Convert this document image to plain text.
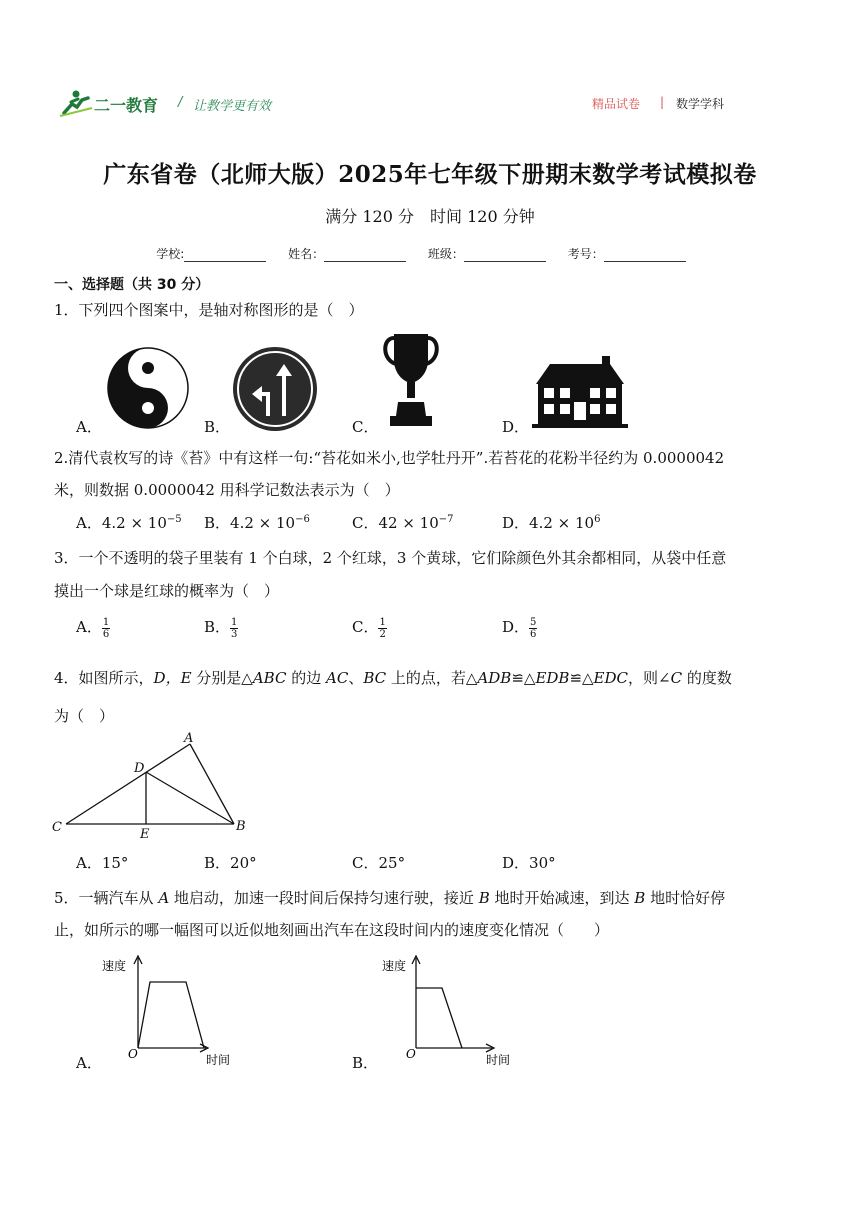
二一教育 / 让教学更有效	精品试卷 | 数学学科
广东省卷（北师大版）2025年七年级下册期末数学考试模拟卷
满分 120 分　时间 120 分钟
学校:	姓名：	班级：	考号：
一、选择题（共 30 分）
1．下列四个图案中，是轴对称图形的是（　）
A．	B．	C．	D．
2.清代袁枚写的诗《苔》中有这样一句:“苔花如米小,也学牡丹开”.若苔花的花粉半径约为 0.0000042
米，则数据 0.0000042 用科学记数法表示为（　）
A．$4.2 \times 10^{-5}$ B．$4.2 \times 10^{-6}$	C．$42 \times 10^{-7}$	D．$4.2 \times 10^6$
3．一个不透明的袋子里装有 1 个白球，2 个红球，3 个黄球，它们除颜色外其余都相同，从袋中任意
摸出一个球是红球的概率为（　）
A． $\frac{1}{6}$	B． $\frac{1}{3}$	C． $\frac{1}{2}$	D． $\frac{5}{6}$
4．如图所示，D，E 分别是△ABC 的边 AC、BC 上的点，若△ADB≌△EDB≌△EDC，则∠C 的度数
为（　）
A
D
C	E
B
A．15°	B．20°	C．25°	D．30°
5．一辆汽车从 A 地启动，加速一段时间后保持匀速行驶，接近 B 地时开始减速，到达 B 地时恰好停
止，如所示的哪一幅图可以近似地刻画出汽车在这段时间内的速度变化情况（　　）
A．
速度
O	时间	B．
速度
O	时间
